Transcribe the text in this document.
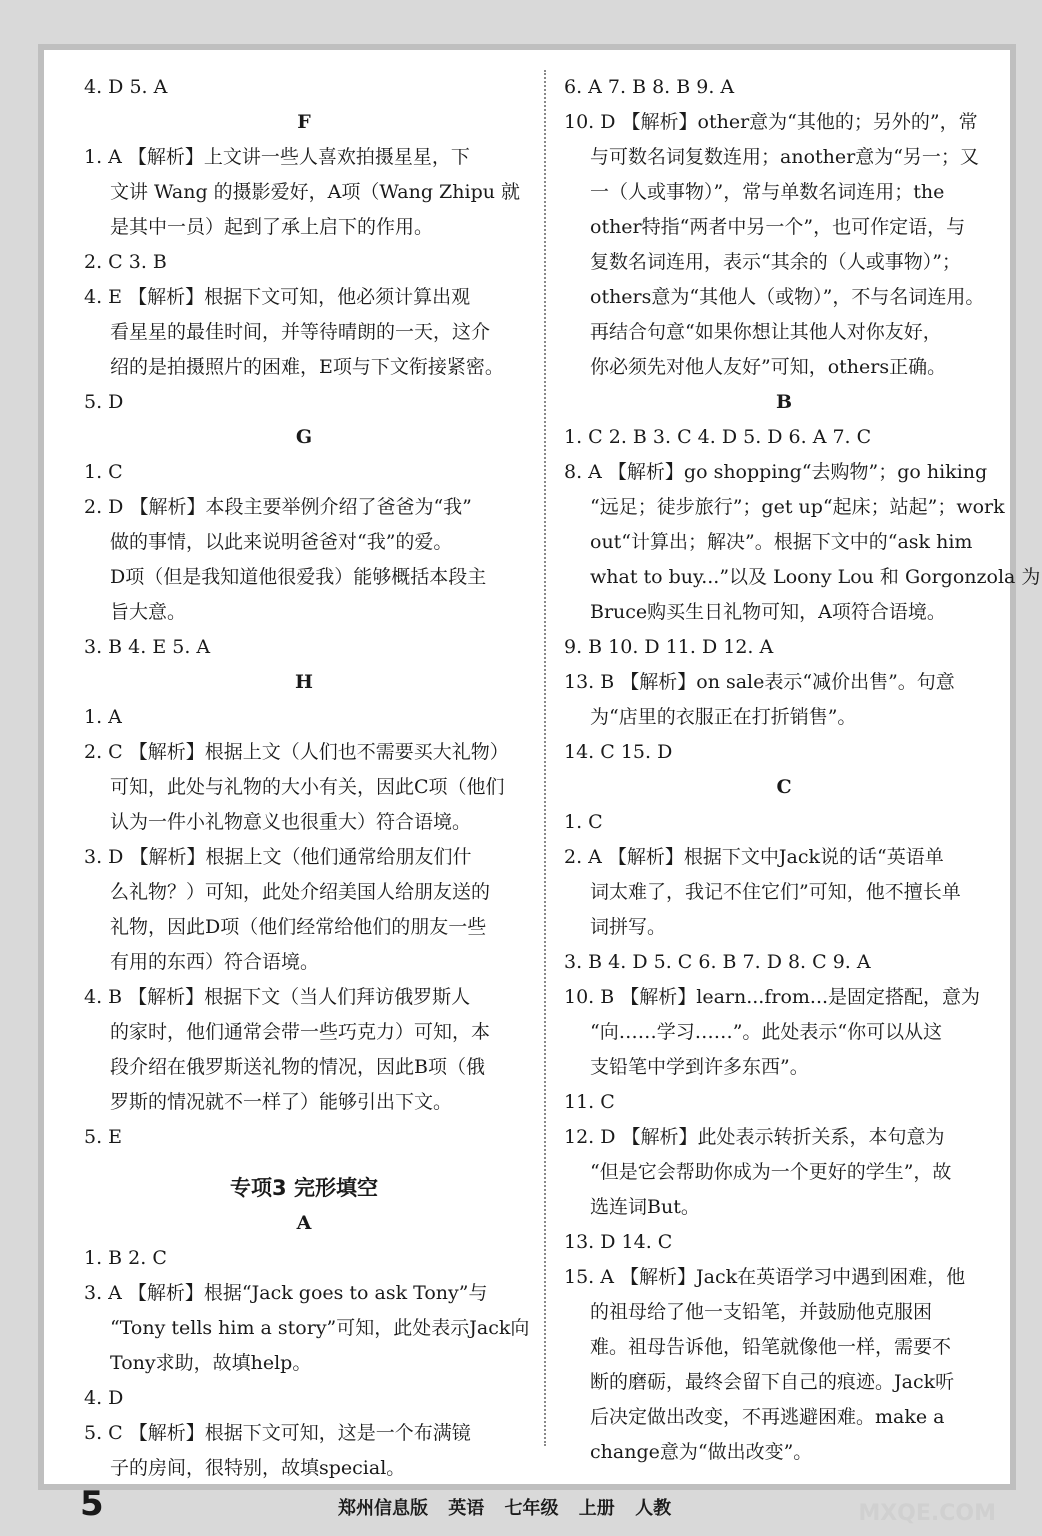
4. D 5. A
F
1. A 【解析】上文讲一些人喜欢拍摄星星，下
文讲 Wang 的摄影爱好，A项（Wang Zhipu 就
是其中一员）起到了承上启下的作用。
2. C 3. B
4. E 【解析】根据下文可知，他必须计算出观
看星星的最佳时间，并等待晴朗的一天，这介
绍的是拍摄照片的困难，E项与下文衔接紧密。
5. D
G
1. C
2. D 【解析】本段主要举例介绍了爸爸为“我”
做的事情，以此来说明爸爸对“我”的爱。
D项（但是我知道他很爱我）能够概括本段主
旨大意。
3. B 4. E 5. A
H
1. A
2. C 【解析】根据上文（人们也不需要买大礼物）
可知，此处与礼物的大小有关，因此C项（他们
认为一件小礼物意义也很重大）符合语境。
3. D 【解析】根据上文（他们通常给朋友们什
么礼物？）可知，此处介绍美国人给朋友送的
礼物，因此D项（他们经常给他们的朋友一些
有用的东西）符合语境。
4. B 【解析】根据下文（当人们拜访俄罗斯人
的家时，他们通常会带一些巧克力）可知，本
段介绍在俄罗斯送礼物的情况，因此B项（俄
罗斯的情况就不一样了）能够引出下文。
5. E
专项3 完形填空
A
1. B 2. C
3. A 【解析】根据“Jack goes to ask Tony”与
“Tony tells him a story”可知，此处表示Jack向
Tony求助，故填help。
4. D
5. C 【解析】根据下文可知，这是一个布满镜
子的房间，很特别，故填special。
6. A 7. B 8. B 9. A
10. D 【解析】other意为“其他的；另外的”，常
与可数名词复数连用；another意为“另一；又
一（人或事物）”，常与单数名词连用；the
other特指“两者中另一个”，也可作定语，与
复数名词连用，表示“其余的（人或事物）”；
others意为“其他人（或物）”，不与名词连用。
再结合句意“如果你想让其他人对你友好，
你必须先对他人友好”可知，others正确。
B
1. C 2. B 3. C 4. D 5. D 6. A 7. C
8. A 【解析】go shopping“去购物”；go hiking
“远足；徒步旅行”；get up“起床；站起”；work
out“计算出；解决”。根据下文中的“ask him
what to buy...”以及 Loony Lou 和 Gorgonzola 为
Bruce购买生日礼物可知，A项符合语境。
9. B 10. D 11. D 12. A
13. B 【解析】on sale表示“减价出售”。句意
为“店里的衣服正在打折销售”。
14. C 15. D
C
1. C
2. A 【解析】根据下文中Jack说的话“英语单
词太难了，我记不住它们”可知，他不擅长单
词拼写。
3. B 4. D 5. C 6. B 7. D 8. C 9. A
10. B 【解析】learn...from...是固定搭配，意为
“向……学习……”。此处表示“你可以从这
支铅笔中学到许多东西”。
11. C
12. D 【解析】此处表示转折关系，本句意为
“但是它会帮助你成为一个更好的学生”，故
选连词But。
13. D 14. C
15. A 【解析】Jack在英语学习中遇到困难，他
的祖母给了他一支铅笔，并鼓励他克服困
难。祖母告诉他，铅笔就像他一样，需要不
断的磨砺，最终会留下自己的痕迹。Jack听
后决定做出改变，不再逃避困难。make a
change意为“做出改变”。
5	郑州信息版 英语 七年级 上册 人教	MXQE.COM
